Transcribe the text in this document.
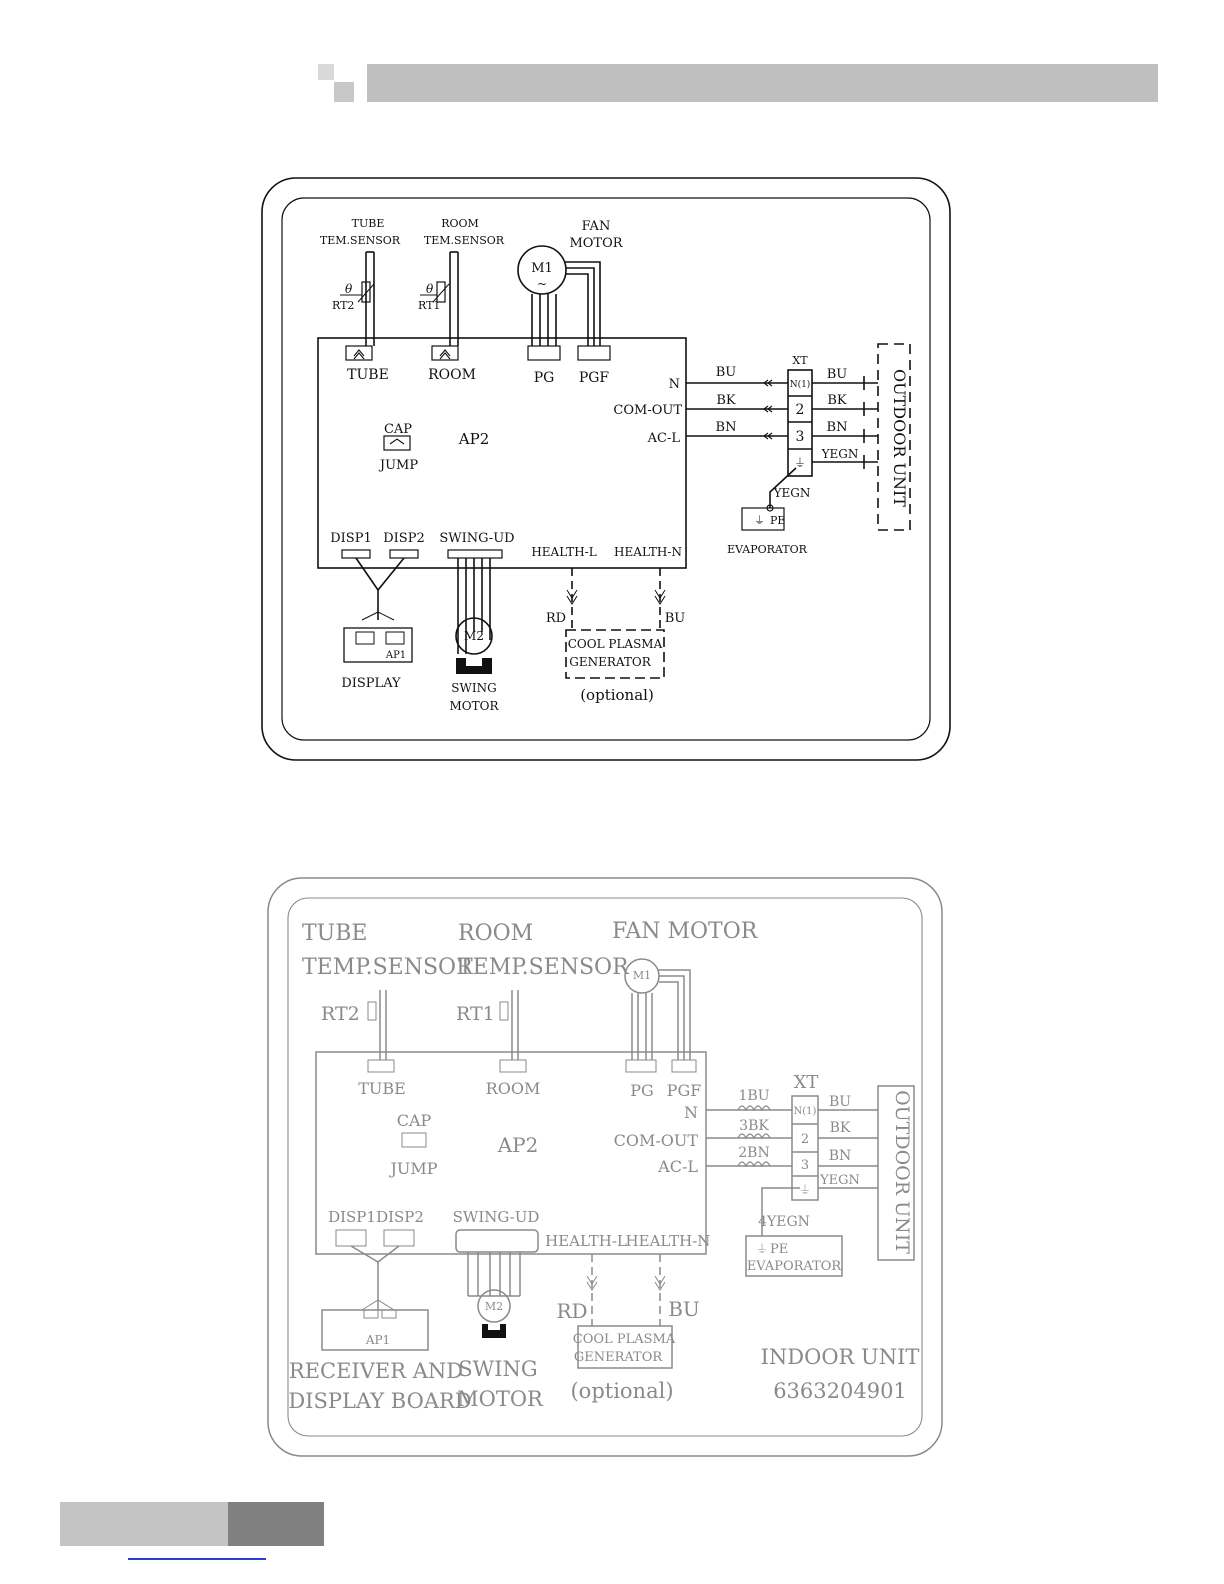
TUBE
TEM.SENSOR
ROOM
TEM.SENSOR
FAN
MOTOR
θ	θ
RT2	RT1
M1
~
TUBE	ROOM	PG PGF
CAP
JUMP
AP2
N
COM-OUT
AC-L
DISP1 DISP2 SWING-UD
HEALTH-L HEALTH-N
BU
BK
BN
BU
BK
BN
YEGN
YEGN
XT
N(1)
2
3
⏚	OUTDOOR UNIT
⏚ PE
EVAPORATOR
AP1
DISPLAY
M2
SWING
MOTOR
RD	BU
COOL PLASMA
GENERATOR
(optional)
TUBE
TEMP.SENSOR
ROOM
TEMP.SENSOR
FAN MOTOR
M1
RT2	RT1
TUBE	ROOM	PG PGF
CAP
JUMP
AP2
N
COM-OUT
AC-L
1BU
3BK
2BN
XT
N(1)
2
3
⏚
BU
BK
BN
YEGN
4YEGN	OUTDOOR UNIT
⏚ PE
EVAPORATOR
DISP1 DISP2 SWING-UD
HEALTH-L
HEALTH-N
RD	BU
AP1
RECEIVER AND
DISPLAY BOARD
M2
SWING
MOTOR
COOL PLASMA
GENERATOR
(optional)
INDOOR UNIT
6363204901
